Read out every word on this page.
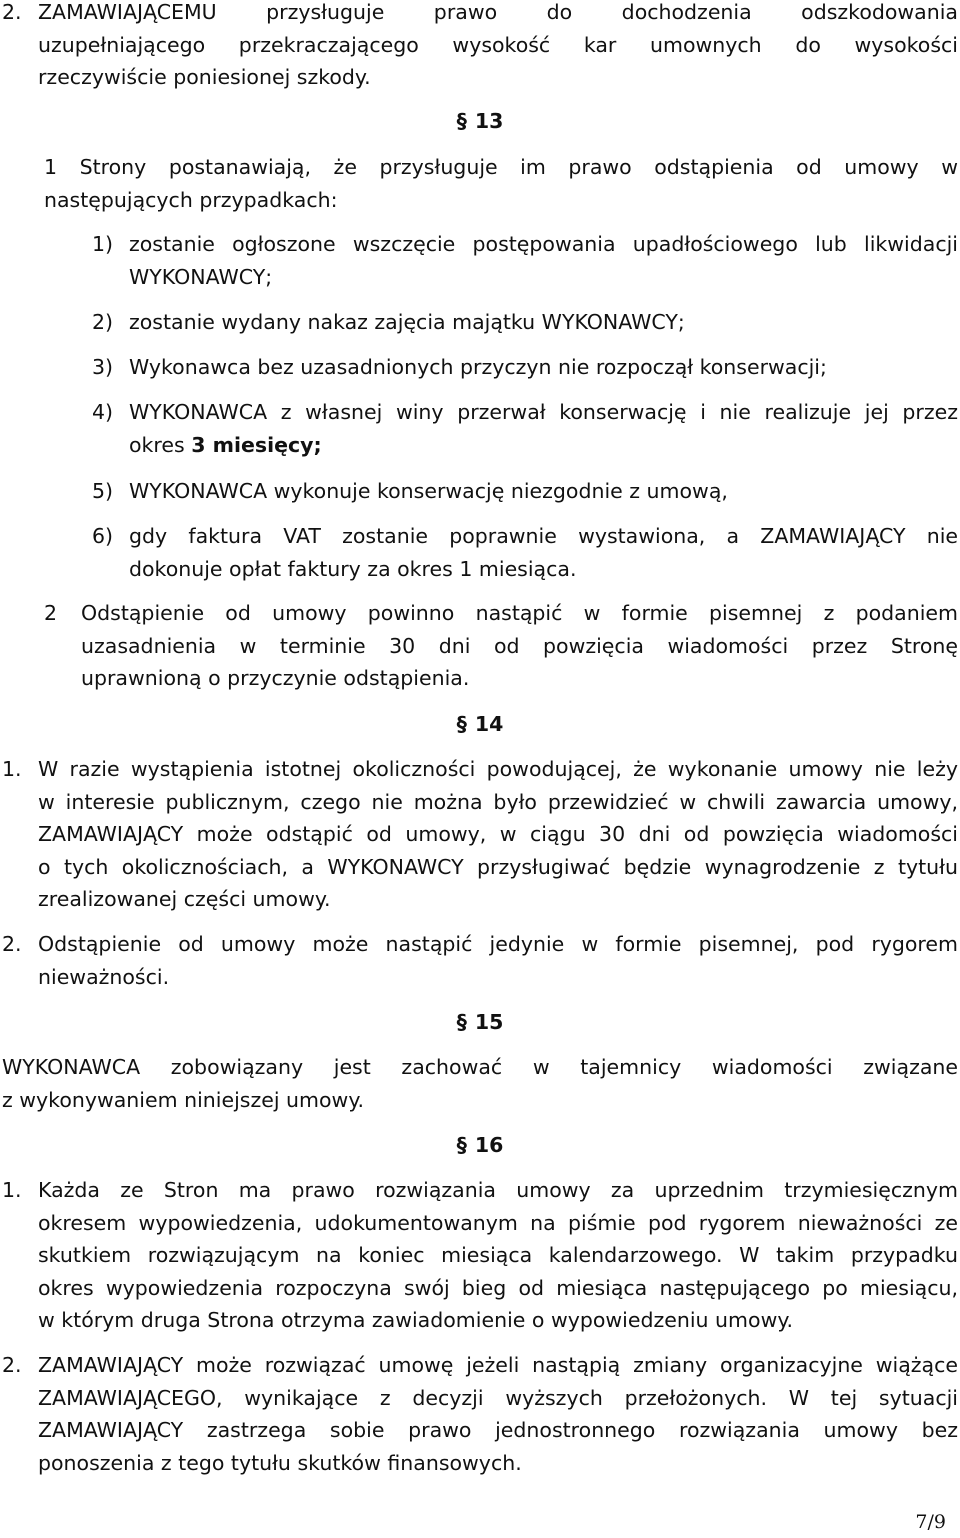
2. ZAMAWIAJĄCEMU przysługuje prawo do dochodzenia odszkodowania
uzupełniającego przekraczającego wysokość kar umownych do wysokości
rzeczywiście poniesionej szkody.
§ 13
1 Strony postanawiają, że przysługuje im prawo odstąpienia od umowy w
następujących przypadkach:
1) zostanie ogłoszone wszczęcie postępowania upadłościowego lub likwidacji
WYKONAWCY;
2) zostanie wydany nakaz zajęcia majątku WYKONAWCY;
3) Wykonawca bez uzasadnionych przyczyn nie rozpoczął konserwacji;
4) WYKONAWCA z własnej winy przerwał konserwację i nie realizuje jej przez
okres 3 miesięcy;
5) WYKONAWCA wykonuje konserwację niezgodnie z umową,
6) gdy faktura VAT zostanie poprawnie wystawiona, a ZAMAWIAJĄCY nie
dokonuje opłat faktury za okres 1 miesiąca.
2	Odstąpienie od umowy powinno nastąpić w formie pisemnej z podaniem
uzasadnienia w terminie 30 dni od powzięcia wiadomości przez Stronę
uprawnioną o przyczynie odstąpienia.
§ 14
1. W razie wystąpienia istotnej okoliczności powodującej, że wykonanie umowy nie leży
w interesie publicznym, czego nie można było przewidzieć w chwili zawarcia umowy,
ZAMAWIAJĄCY może odstąpić od umowy, w ciągu 30 dni od powzięcia wiadomości
o tych okolicznościach, a WYKONAWCY przysługiwać będzie wynagrodzenie z tytułu
zrealizowanej części umowy.
2. Odstąpienie od umowy może nastąpić jedynie w formie pisemnej, pod rygorem
nieważności.
§ 15
WYKONAWCA zobowiązany jest zachować w tajemnicy wiadomości związane
z wykonywaniem niniejszej umowy.
§ 16
1. Każda ze Stron ma prawo rozwiązania umowy za uprzednim trzymiesięcznym
okresem wypowiedzenia, udokumentowanym na piśmie pod rygorem nieważności ze
skutkiem rozwiązującym na koniec miesiąca kalendarzowego. W takim przypadku
okres wypowiedzenia rozpoczyna swój bieg od miesiąca następującego po miesiącu,
w którym druga Strona otrzyma zawiadomienie o wypowiedzeniu umowy.
2. ZAMAWIAJĄCY może rozwiązać umowę jeżeli nastąpią zmiany organizacyjne wiążące
ZAMAWIAJĄCEGO, wynikające z decyzji wyższych przełożonych. W tej sytuacji
ZAMAWIAJĄCY zastrzega sobie prawo jednostronnego rozwiązania umowy bez
ponoszenia z tego tytułu skutków finansowych.
7/9
